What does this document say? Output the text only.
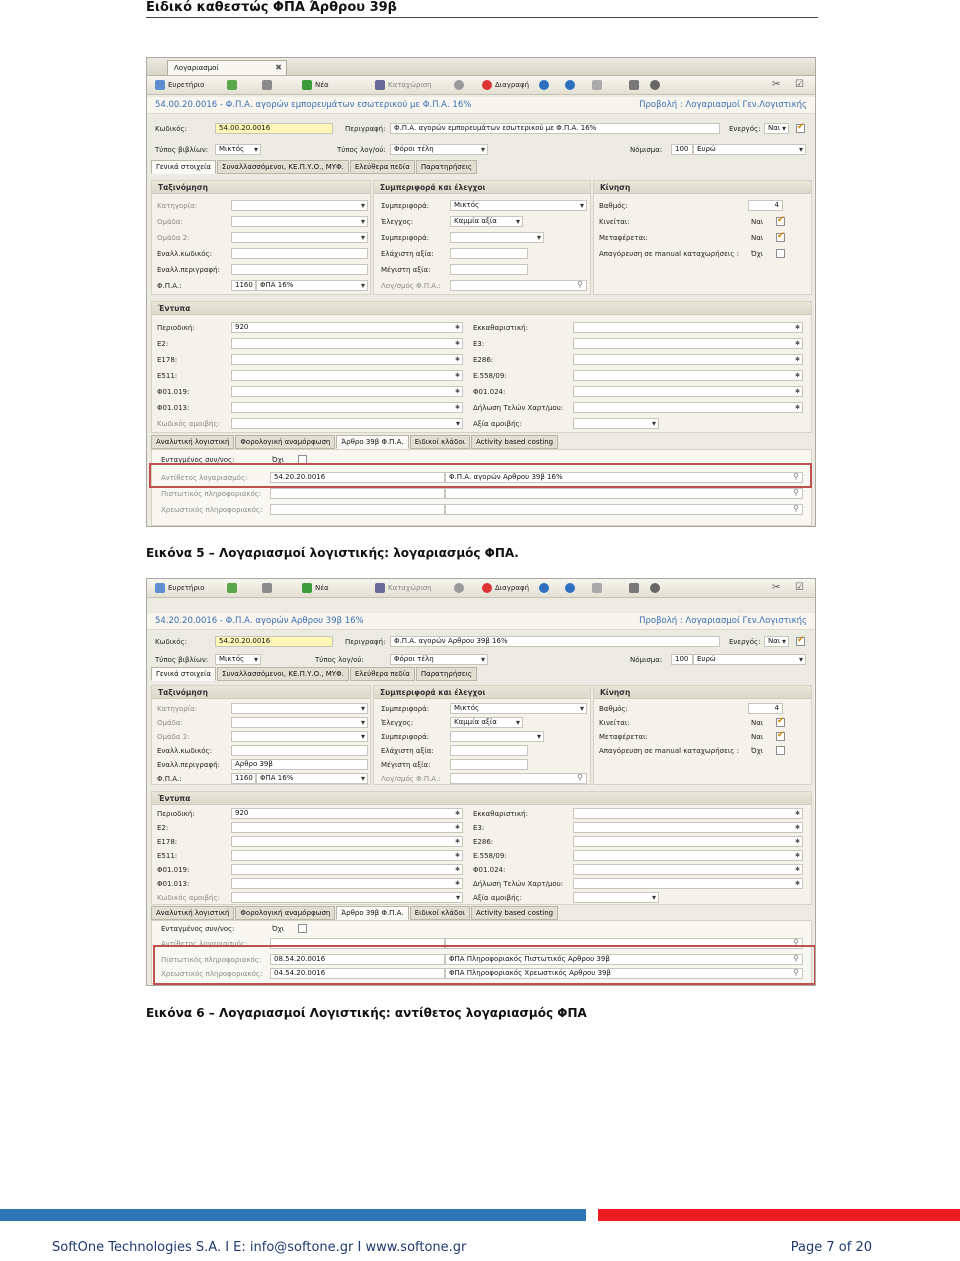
Ειδικό καθεστώς ΦΠΑ Άρθρου 39β
Λογαριασμοί	✖
Ευρετήριο	Νέα	Καταχώριση	Διαγραφή	✂ ☑
54.00.20.0016 - Φ.Π.Α. αγορών εμπορευμάτων εσωτερικού με Φ.Π.Α. 16%	Προβολή : Λογαριασμοί Γεν.Λογιστικής
Κωδικός:	54.00.20.0016	Περιγραφή:	Φ.Π.Α. αγορών εμπορευμάτων εσωτερικού με Φ.Π.Α. 16%	Ενεργός:	Ναι ▾
✔
Τύπος βιβλίων:	Μικτός ▾	Τύπος λογ/ού:	Φόροι τέλη ▾	Νόμισμα:	100	Ευρώ ▾
Γενικά στοιχεία	Συναλλασσόμενοι, ΚΕ.Π.Υ.Ο., ΜΥΦ.	Ελεύθερα πεδία	Παρατηρήσεις
Ταξινόμηση	Συμπεριφορά και έλεγχοι	Κίνηση
Κατηγορία:
▾
Ομάδα:
▾
Ομάδα 2:
▾
Εναλλ.κωδικός:
Εναλλ.περιγραφή:
Φ.Π.Α.:	1160	ΦΠΑ 16% ▾
Συμπεριφορά:	Μικτός ▾
Έλεγχος:	Καμμία αξία ▾
Συμπεριφορά:
▾
Ελάχιστη αξία:
Μέγιστη αξία:
Λογ/σμός Φ.Π.Α.:
⚲
Βαθμός:	4
Κινείται:	Ναι
✔
Μεταφέρεται:	Ναι
✔
Απαγόρευση σε manual καταχωρήσεις : Όχι
Έντυπα
Περιοδική:	920 ✱
Ε2:
✱
Ε178:
✱
Ε511:
✱
Φ01.019:
✱
Φ01.013:
✱
Κωδικός αμοιβής:
▾
Εκκαθαριστική:
✱
Ε3:
✱
Ε286:
✱
Ε.558/09:
✱
Φ01.024:
✱
Δήλωση Τελών Χαρτ/μου:
✱
Αξία αμοιβής:
▾
Αναλυτική λογιστική	Φορολογική αναμόρφωση	Άρθρο 39β Φ.Π.Α.	Ειδικοί κλάδοι	Activity based costing
Ενταγμένος συν/νος:	Όχι
Αντίθετος λογαριασμός:	54.20.20.0016	Φ.Π.Α. αγορών Αρθρου 39β 16% ⚲
Πιστωτικός πληροφοριακός:
⚲
Χρεωστικός πληροφοριακός:
⚲
Εικόνα 5 – Λογαριασμοί λογιστικής: λογαριασμός ΦΠΑ.
Ευρετήριο	Νέα	Καταχώριση	Διαγραφή	✂ ☑
54.20.20.0016 - Φ.Π.Α. αγορών Αρθρου 39β 16%	Προβολή : Λογαριασμοί Γεν.Λογιστικής
Κωδικός:	54.20.20.0016	Περιγραφή:	Φ.Π.Α. αγορών Αρθρου 39β 16%	Ενεργός:	Ναι ▾
✔
Τύπος βιβλίων:	Μικτός ▾	Τύπος λογ/ού:	Φόροι τέλη ▾	Νόμισμα:	100	Ευρώ ▾
Γενικά στοιχεία	Συναλλασσόμενοι, ΚΕ.Π.Υ.Ο., ΜΥΦ.	Ελεύθερα πεδία	Παρατηρήσεις
Ταξινόμηση	Συμπεριφορά και έλεγχοι	Κίνηση
Κατηγορία:
▾
Ομάδα:
▾
Ομάδα 2:
▾
Εναλλ.κωδικός:
Εναλλ.περιγραφή:	Αρθρο 39β
Φ.Π.Α.:	1160	ΦΠΑ 16% ▾
Συμπεριφορά:	Μικτός ▾
Έλεγχος:	Καμμία αξία ▾
Συμπεριφορά:
▾
Ελάχιστη αξία:
Μέγιστη αξία:
Λογ/σμός Φ.Π.Α.:
⚲
Βαθμός:	4
Κινείται:	Ναι
✔
Μεταφέρεται:	Ναι
✔
Απαγόρευση σε manual καταχωρήσεις : Όχι
Έντυπα
Περιοδική:	920 ✱
Ε2:
✱
Ε178:
✱
Ε511:
✱
Φ01.019:
✱
Φ01.013:
✱
Κωδικός αμοιβής:
▾
Εκκαθαριστική:
✱
Ε3:
✱
Ε286:
✱
Ε.558/09:
✱
Φ01.024:
✱
Δήλωση Τελών Χαρτ/μου:
✱
Αξία αμοιβής:
▾
Αναλυτική λογιστική	Φορολογική αναμόρφωση	Άρθρο 39β Φ.Π.Α.	Ειδικοί κλάδοι	Activity based costing
Ενταγμένος συν/νος:	Όχι
Αντίθετος λογαριασμός:
⚲
Πιστωτικός πληροφοριακός:	08.54.20.0016	ΦΠΑ Πληροφοριακός Πιστωτικός Αρθρου 39β ⚲
Χρεωστικός πληροφοριακός:	04.54.20.0016	ΦΠΑ Πληροφοριακός Χρεωστικός Αρθρου 39β ⚲
Εικόνα 6 – Λογαριασμοί Λογιστικής: αντίθετος λογαριασμός ΦΠΑ
SoftOne Technologies S.A. I E: info@softone.gr I www.softone.gr	Page 7 of 20
